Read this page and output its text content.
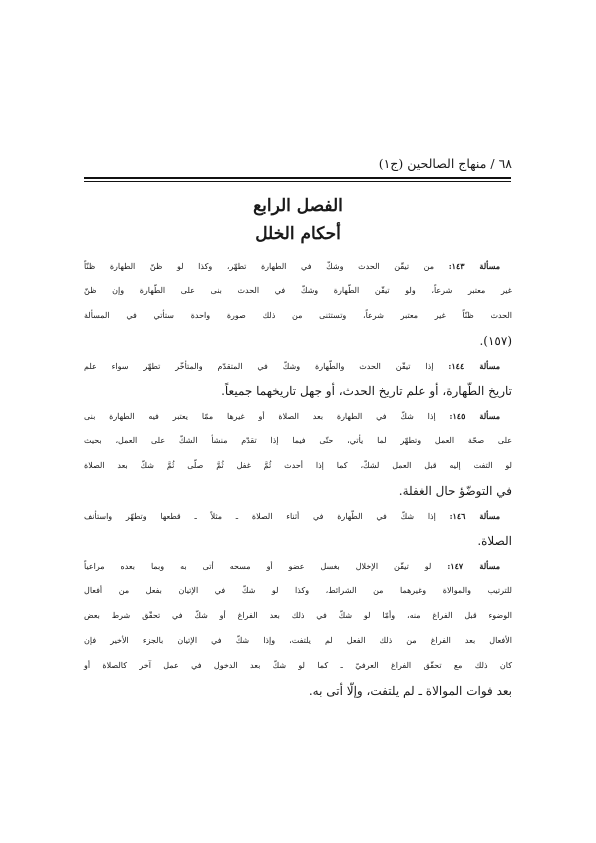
٦٨ / منهاج الصالحين (ج١)
الفصل الرابع
أحكام الخلل
مسألة ١٤٣: من تيقّن الحدث وشكّ في الطهارة تطهّر، وكذا لو ظنّ الطهارة ظنّاً
غير معتبر شرعاً، ولو تيقّن الطّهارة وشكّ في الحدث بنى على الطّهارة وإن ظنّ
الحدث ظنّاً غير معتبر شرعاً، وتستثنى من ذلك صورة واحدة ستأتي في المسألة
(١٥٧).
مسألة ١٤٤: إذا تيقّن الحدث والطّهارة وشكّ في المتقدّم والمتأخّر تطهّر سواء علم
تاريخ الطّهارة، أو علم تاريخ الحدث، أو جهل تاريخهما جميعاً.
مسألة ١٤٥: إذا شكّ في الطهارة بعد الصلاة أو غيرها ممّا يعتبر فيه الطهارة بنى
على صحّة العمل وتطهّر لما يأتي، حتّى فيما إذا تقدّم منشأ الشكّ على العمل، بحيث
لو التفت إليه قبل العمل لشكّ، كما إذا أحدث ثُمَّ غفل ثُمَّ صلّى ثُمَّ شكّ بعد الصلاة
في التوضّؤ حال الغفلة.
مسألة ١٤٦: إذا شكّ في الطّهارة في أثناء الصلاة ـ مثلاً ـ قطعها وتطهّر واستأنف
الصلاة.
مسألة ١٤٧: لو تيقّن الإخلال بغسل عضو أو مسحه أتى به وبما بعده مراعياً
للترتيب والموالاة وغيرهما من الشرائط، وكذا لو شكّ في الإتيان بفعل من أفعال
الوضوء قبل الفراغ منه، وأمّا لو شكّ في ذلك بعد الفراغ أو شكّ في تحقّق شرط بعض
الأفعال بعد الفراغ من ذلك الفعل لم يلتفت، وإذا شكّ في الإتيان بالجزء الأخير فإن
كان ذلك مع تحقّق الفراغ العرفيّ ـ كما لو شكّ بعد الدخول في عمل آخر كالصلاة أو
بعد فوات الموالاة ـ لم يلتفت، وإلّا أتى به.
